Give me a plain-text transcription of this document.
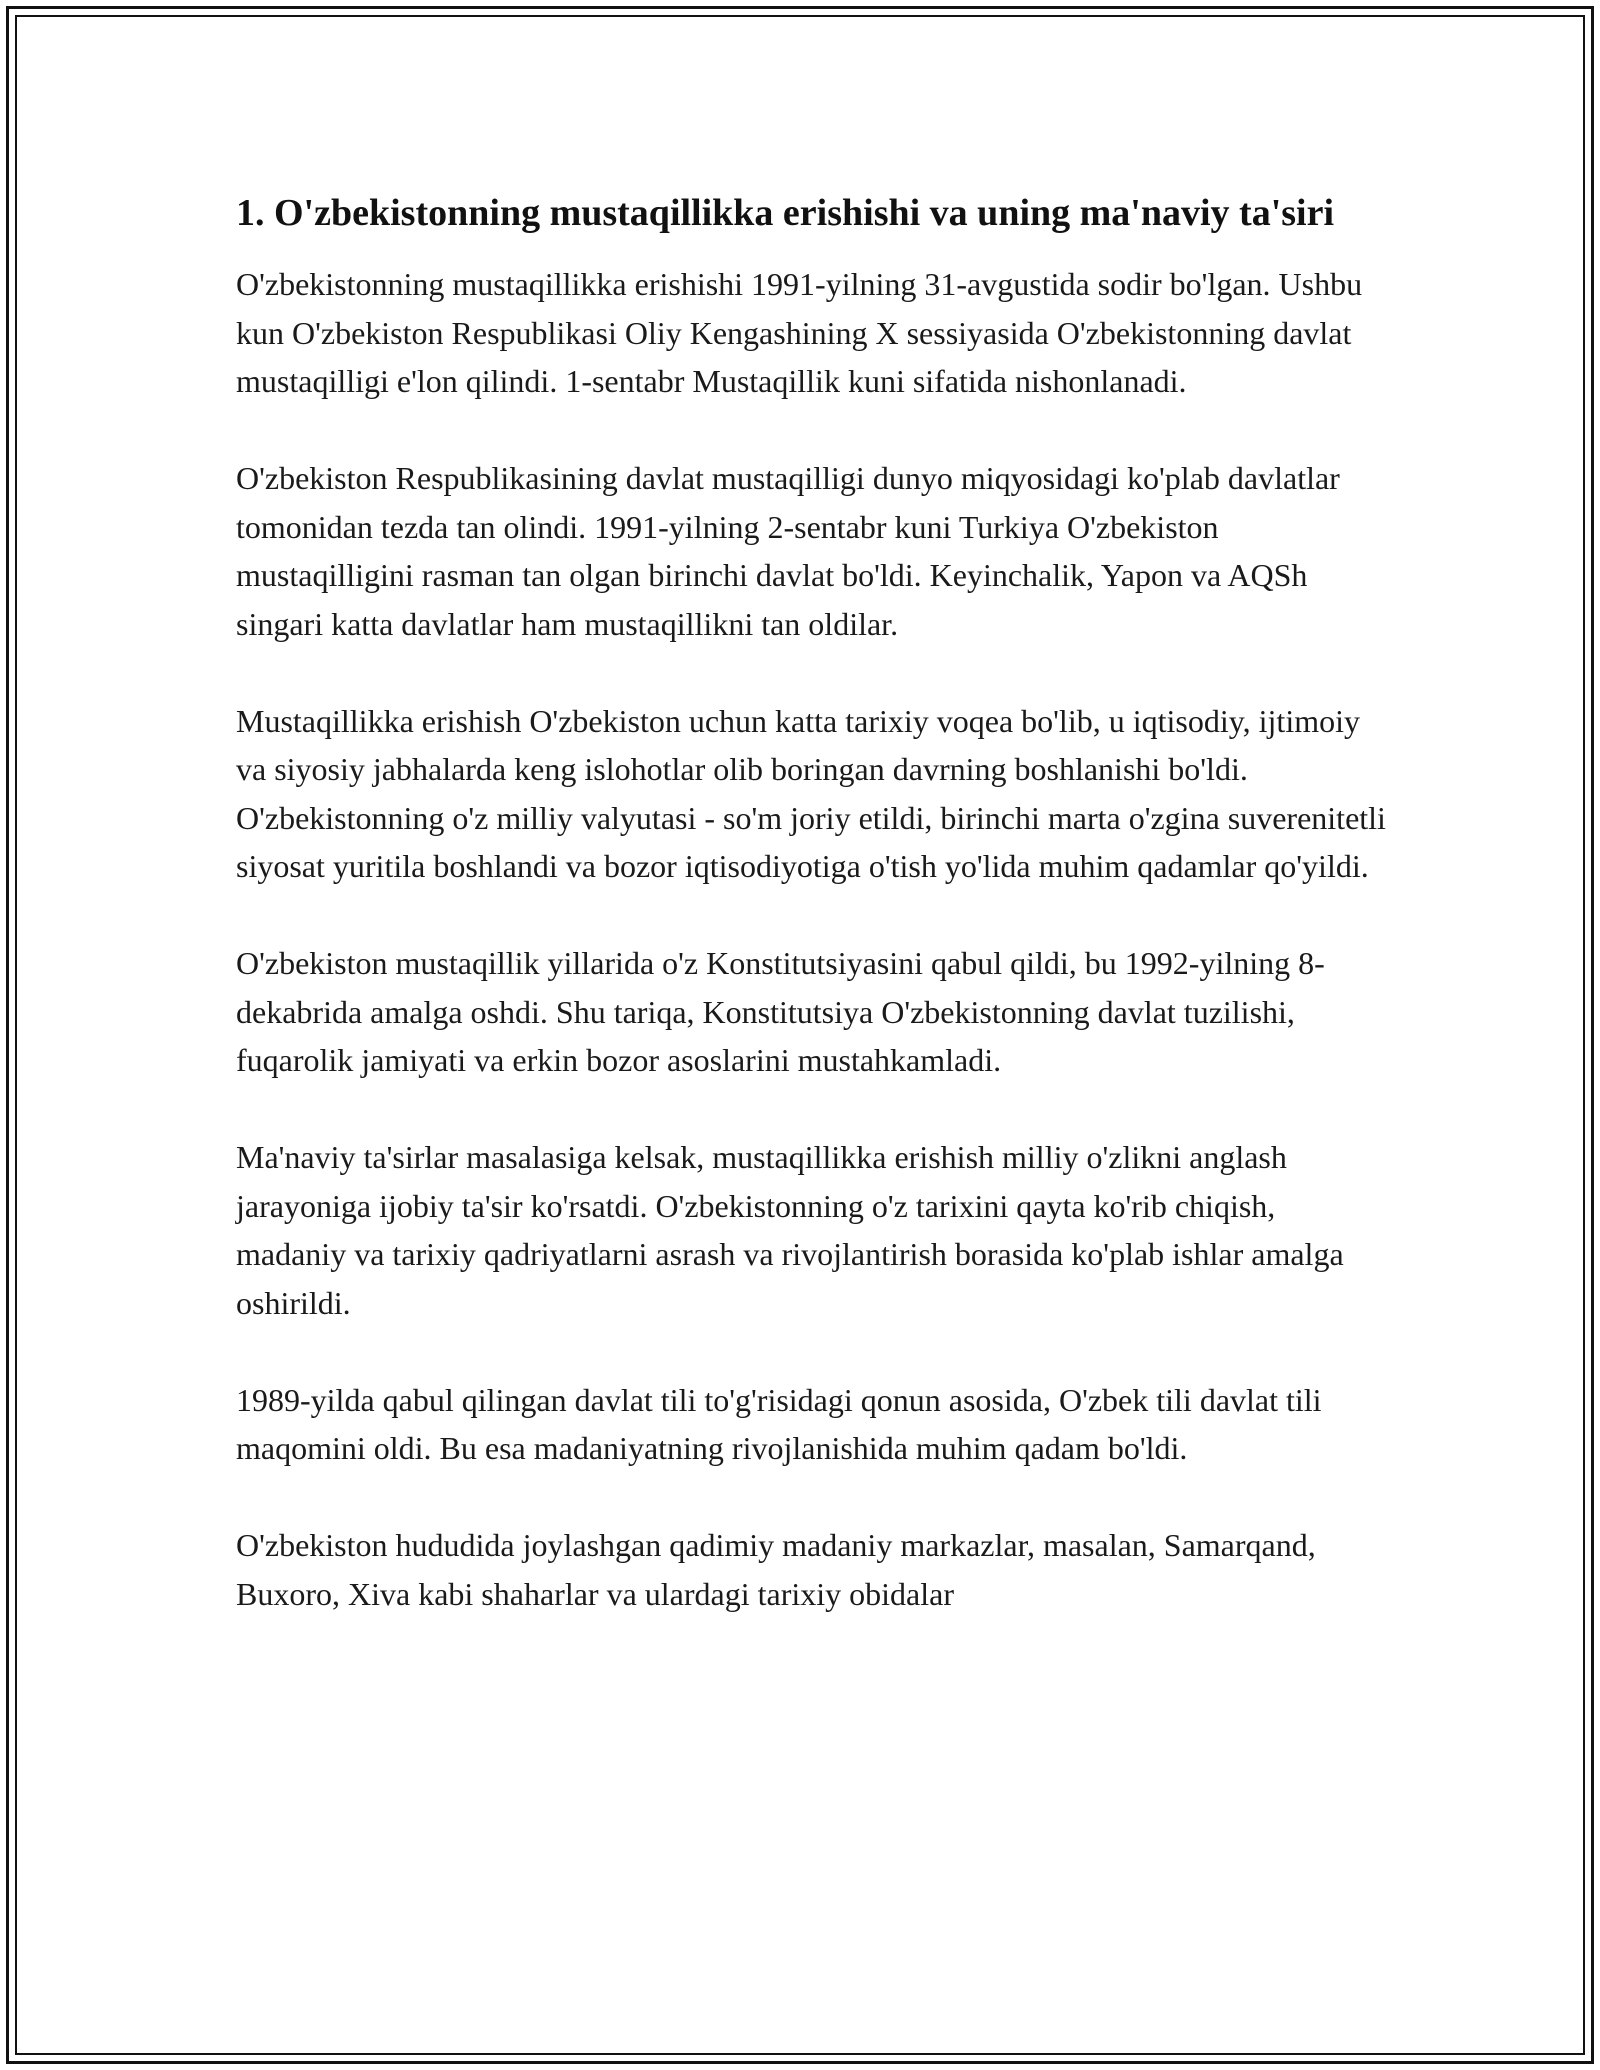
1. O'zbekistonning mustaqillikka erishishi va uning ma'naviy ta'siri

O'zbekistonning mustaqillikka erishishi 1991-yilning 31-avgustida sodir bo'lgan. Ushbu kun O'zbekiston Respublikasi Oliy Kengashining X sessiyasida O'zbekistonning davlat mustaqilligi e'lon qilindi. 1-sentabr Mustaqillik kuni sifatida nishonlanadi.

O'zbekiston Respublikasining davlat mustaqilligi dunyo miqyosidagi ko'plab davlatlar tomonidan tezda tan olindi. 1991-yilning 2-sentabr kuni Turkiya O'zbekiston mustaqilligini rasman tan olgan birinchi davlat bo'ldi. Keyinchalik, Yapon va AQSh singari katta davlatlar ham mustaqillikni tan oldilar.

Mustaqillikka erishish O'zbekiston uchun katta tarixiy voqea bo'lib, u iqtisodiy, ijtimoiy va siyosiy jabhalarda keng islohotlar olib boringan davrning boshlanishi bo'ldi. O'zbekistonning o'z milliy valyutasi - so'm joriy etildi, birinchi marta o'zgina suverenitetli siyosat yuritila boshlandi va bozor iqtisodiyotiga o'tish yo'lida muhim qadamlar qo'yildi.

O'zbekiston mustaqillik yillarida o'z Konstitutsiyasini qabul qildi, bu 1992-yilning 8-dekabrida amalga oshdi. Shu tariqa, Konstitutsiya O'zbekistonning davlat tuzilishi, fuqarolik jamiyati va erkin bozor asoslarini mustahkamladi.

Ma'naviy ta'sirlar masalasiga kelsak, mustaqillikka erishish milliy o'zlikni anglash jarayoniga ijobiy ta'sir ko'rsatdi. O'zbekistonning o'z tarixini qayta ko'rib chiqish, madaniy va tarixiy qadriyatlarni asrash va rivojlantirish borasida ko'plab ishlar amalga oshirildi.

1989-yilda qabul qilingan davlat tili to'g'risidagi qonun asosida, O'zbek tili davlat tili maqomini oldi. Bu esa madaniyatning rivojlanishida muhim qadam bo'ldi.

O'zbekiston hududida joylashgan qadimiy madaniy markazlar, masalan, Samarqand, Buxoro, Xiva kabi shaharlar va ulardagi tarixiy obidalar
